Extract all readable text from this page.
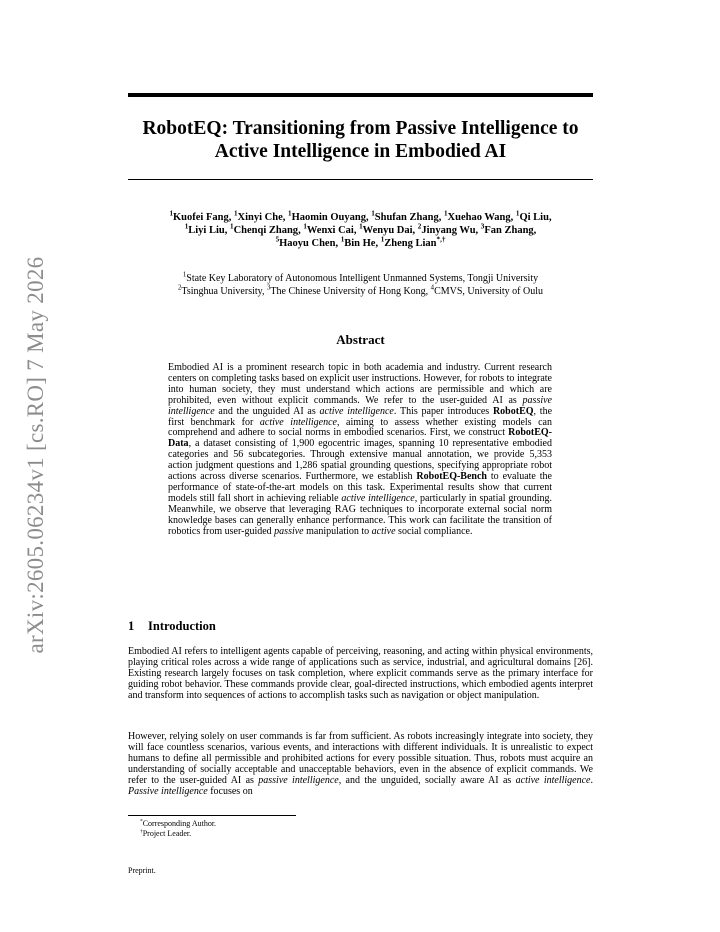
arXiv:2605.06234v1 [cs.RO] 7 May 2026
RobotEQ: Transitioning from Passive Intelligence to Active Intelligence in Embodied AI
$^1$Kuofei Fang, $^1$Xinyi Che, $^1$Haomin Ouyang, $^1$Shufan Zhang, $^1$Xuehao Wang, $^1$Qi Liu,
$^1$Liyi Liu, $^1$Chenqi Zhang, $^1$Wenxi Cai, $^1$Wenyu Dai, $^2$Jinyang Wu, $^3$Fan Zhang,
$^5$Haoyu Chen, $^1$Bin He, $^1$Zheng Lian*,†
$^1$State Key Laboratory of Autonomous Intelligent Unmanned Systems, Tongji University
$^2$Tsinghua University, $^3$The Chinese University of Hong Kong, $^4$CMVS, University of Oulu
Abstract

Embodied AI is a prominent research topic in both academia and industry. Current research centers on completing tasks based on explicit user instructions. However, for robots to integrate into human society, they must understand which actions are permissible and which are prohibited, even without explicit commands. We refer to the user-guided AI as passive intelligence and the unguided AI as active intelligence. This paper introduces RobotEQ, the first benchmark for active intelligence, aiming to assess whether existing models can comprehend and adhere to social norms in embodied scenarios. First, we construct RobotEQ-Data, a dataset consisting of 1,900 egocentric images, spanning 10 representative embodied categories and 56 subcategories. Through extensive manual annotation, we provide 5,353 action judgment questions and 1,286 spatial grounding questions, specifying appropriate robot actions across diverse scenarios. Furthermore, we establish RobotEQ-Bench to evaluate the performance of state-of-the-art models on this task. Experimental results show that current models still fall short in achieving reliable active intelligence, particularly in spatial grounding. Meanwhile, we observe that leveraging RAG techniques to incorporate external social norm knowledge bases can generally enhance performance. This work can facilitate the transition of robotics from user-guided passive manipulation to active social compliance.

1 Introduction

Embodied AI refers to intelligent agents capable of perceiving, reasoning, and acting within physical environments, playing critical roles across a wide range of applications such as service, industrial, and agricultural domains [26]. Existing research largely focuses on task completion, where explicit commands serve as the primary interface for guiding robot behavior. These commands provide clear, goal-directed instructions, which embodied agents interpret and transform into sequences of actions to accomplish tasks such as navigation or object manipulation.

However, relying solely on user commands is far from sufficient. As robots increasingly integrate into society, they will face countless scenarios, various events, and interactions with different individuals. It is unrealistic to expect humans to define all permissible and prohibited actions for every possible situation. Thus, robots must acquire an understanding of socially acceptable and unacceptable behaviors, even in the absence of explicit commands. We refer to the user-guided AI as passive intelligence, and the unguided, socially aware AI as active intelligence. Passive intelligence focuses on

*Corresponding Author.
†Project Leader.
Preprint.
